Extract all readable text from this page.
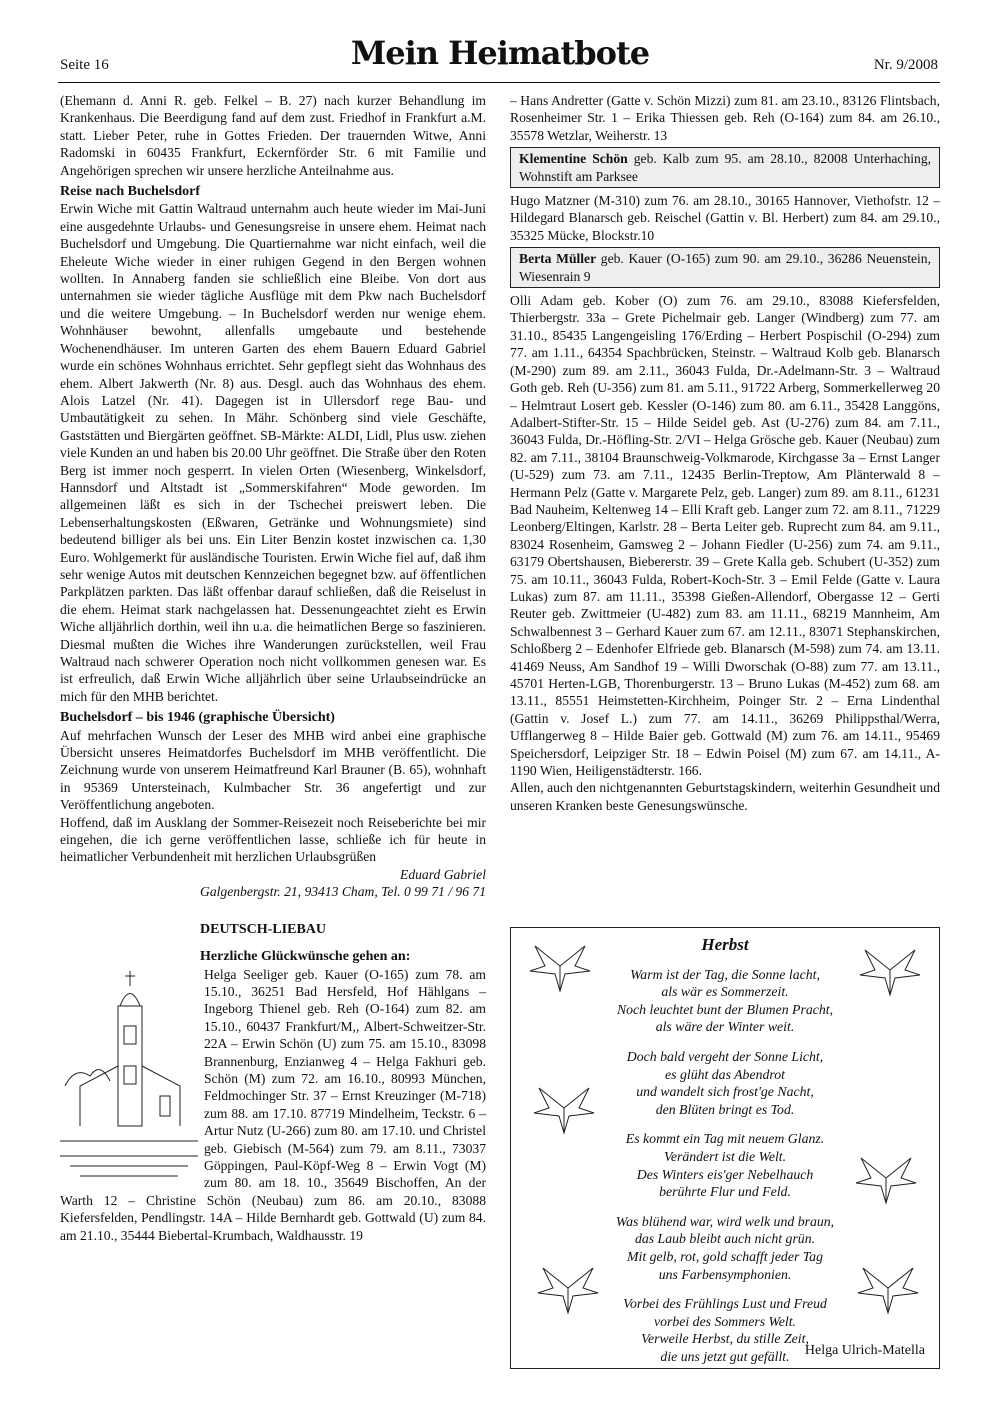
Seite 16	Mein Heimatbote	Nr. 9/2008

(Ehemann d. Anni R. geb. Felkel – B. 27) nach kurzer Behandlung im Krankenhaus. Die Beerdigung fand auf dem zust. Friedhof in Frankfurt a.M. statt. Lieber Peter, ruhe in Gottes Frieden. Der trauernden Witwe, Anni Radomski in 60435 Frankfurt, Eckernförder Str. 6 mit Familie und Angehörigen sprechen wir unsere herzliche Anteilnahme aus.

Reise nach Buchelsdorf

Erwin Wiche mit Gattin Waltraud unternahm auch heute wieder im Mai-Juni eine ausgedehnte Urlaubs- und Genesungsreise in unsere ehem. Heimat nach Buchelsdorf und Umgebung. Die Quartiernahme war nicht einfach, weil die Eheleute Wiche wieder in einer ruhigen Gegend in den Bergen wohnen wollten. In Annaberg fanden sie schließlich eine Bleibe. Von dort aus unternahmen sie wieder tägliche Ausflüge mit dem Pkw nach Buchelsdorf und die weitere Umgebung. – In Buchelsdorf werden nur wenige ehem. Wohnhäuser bewohnt, allenfalls umgebaute und bestehende Wochenendhäuser. Im unteren Garten des ehem Bauern Eduard Gabriel wurde ein schönes Wohnhaus errichtet. Sehr gepflegt sieht das Wohnhaus des ehem. Albert Jakwerth (Nr. 8) aus. Desgl. auch das Wohnhaus des ehem. Alois Latzel (Nr. 41). Dagegen ist in Ullersdorf rege Bau- und Umbautätigkeit zu sehen. In Mähr. Schönberg sind viele Geschäfte, Gaststätten und Biergärten geöffnet. SB-Märkte: ALDI, Lidl, Plus usw. ziehen viele Kunden an und haben bis 20.00 Uhr geöffnet. Die Straße über den Roten Berg ist immer noch gesperrt. In vielen Orten (Wiesenberg, Winkelsdorf, Hannsdorf und Altstadt ist „Sommerskifahren“ Mode geworden. Im allgemeinen läßt es sich in der Tschechei preiswert leben. Die Lebenserhaltungskosten (Eßwaren, Getränke und Wohnungsmiete) sind bedeutend billiger als bei uns. Ein Liter Benzin kostet inzwischen ca. 1,30 Euro. Wohlgemerkt für ausländische Touristen. Erwin Wiche fiel auf, daß ihm sehr wenige Autos mit deutschen Kennzeichen begegnet bzw. auf öffentlichen Parkplätzen parkten. Das läßt offenbar darauf schließen, daß die Reiselust in die ehem. Heimat stark nachgelassen hat. Dessenungeachtet zieht es Erwin Wiche alljährlich dorthin, weil ihn u.a. die heimatlichen Berge so faszinieren. Diesmal mußten die Wiches ihre Wanderungen zurückstellen, weil Frau Waltraud nach schwerer Operation noch nicht vollkommen genesen war. Es ist erfreulich, daß Erwin Wiche alljährlich über seine Urlaubseindrücke an mich für den MHB berichtet.

Buchelsdorf – bis 1946 (graphische Übersicht)

Auf mehrfachen Wunsch der Leser des MHB wird anbei eine graphische Übersicht unseres Heimatdorfes Buchelsdorf im MHB veröffentlicht. Die Zeichnung wurde von unserem Heimatfreund Karl Brauner (B. 65), wohnhaft in 95369 Untersteinach, Kulmbacher Str. 36 angefertigt und zur Veröffentlichung angeboten.

Hoffend, daß im Ausklang der Sommer-Reisezeit noch Reiseberichte bei mir eingehen, die ich gerne veröffentlichen lasse, schließe ich für heute in heimatlicher Verbundenheit mit herzlichen Urlaubsgrüßen

Eduard Gabriel

Galgenbergstr. 21, 93413 Cham, Tel. 0 99 71 / 96 71

DEUTSCH-LIEBAU
Herzliche Glückwünsche gehen an:

Helga Seeliger geb. Kauer (O-165) zum 78. am 15.10., 36251 Bad Hersfeld, Hof Hählgans – Ingeborg Thienel geb. Reh (O-164) zum 82. am 15.10., 60437 Frankfurt/M,, Albert-Schweitzer-Str. 22A – Erwin Schön (U) zum 75. am 15.10., 83098 Brannenburg, Enzianweg 4 – Helga Fakhuri geb. Schön (M) zum 72. am 16.10., 80993 München, Feldmochinger Str. 37 – Ernst Kreuzinger (M-718) zum 88. am 17.10. 87719 Mindelheim, Teckstr. 6 – Artur Nutz (U-266) zum 80. am 17.10. und Christel geb. Giebisch (M-564) zum 79. am 8.11., 73037 Göppingen, Paul-Köpf-Weg 8 – Erwin Vogt (M) zum 80. am 18. 10., 35649 Bischoffen, An der Warth 12 – Christine Schön (Neubau) zum 86. am 20.10., 83088 Kiefersfelden, Pendlingstr. 14A – Hilde Bernhardt geb. Gottwald (U) zum 84. am 21.10., 35444 Biebertal-Krumbach, Waldhausstr. 19

– Hans Andretter (Gatte v. Schön Mizzi) zum 81. am 23.10., 83126 Flintsbach, Rosenheimer Str. 1 – Erika Thiessen geb. Reh (O-164) zum 84. am 26.10., 35578 Wetzlar, Weiherstr. 13

Klementine Schön geb. Kalb zum 95. am 28.10., 82008 Unterhaching, Wohnstift am Parksee

Hugo Matzner (M-310) zum 76. am 28.10., 30165 Hannover, Viethofstr. 12 – Hildegard Blanarsch geb. Reischel (Gattin v. Bl. Herbert) zum 84. am 29.10., 35325 Mücke, Blockstr.10

Berta Müller geb. Kauer (O-165) zum 90. am 29.10., 36286 Neuenstein, Wiesenrain 9

Olli Adam geb. Kober (O) zum 76. am 29.10., 83088 Kiefersfelden, Thierbergstr. 33a – Grete Pichelmair geb. Langer (Windberg) zum 77. am 31.10., 85435 Langengeisling 176/Erding – Herbert Pospischil (O-294) zum 77. am 1.11., 64354 Spachbrücken, Steinstr. – Waltraud Kolb geb. Blanarsch (M-290) zum 89. am 2.11., 36043 Fulda, Dr.-Adelmann-Str. 3 – Waltraud Goth geb. Reh (U-356) zum 81. am 5.11., 91722 Arberg, Sommerkellerweg 20 – Helmtraut Losert geb. Kessler (O-146) zum 80. am 6.11., 35428 Langgöns, Adalbert-Stifter-Str. 15 – Hilde Seidel geb. Ast (U-276) zum 84. am 7.11., 36043 Fulda, Dr.-Höfling-Str. 2/VI – Helga Gröschе geb. Kauer (Neubau) zum 82. am 7.11., 38104 Braunschweig-Volkmarode, Kirchgasse 3a – Ernst Langer (U-529) zum 73. am 7.11., 12435 Berlin-Treptow, Am Plänterwald 8 – Hermann Pelz (Gatte v. Margarete Pelz, geb. Langer) zum 89. am 8.11., 61231 Bad Nauheim, Keltenweg 14 – Elli Kraft geb. Langer zum 72. am 8.11., 71229 Leonberg/Eltingen, Karlstr. 28 – Berta Leiter geb. Ruprecht zum 84. am 9.11., 83024 Rosenheim, Gamsweg 2 – Johann Fiedler (U-256) zum 74. am 9.11., 63179 Obertshausen, Biebererstr. 39 – Grete Kalla geb. Schubert (U-352) zum 75. am 10.11., 36043 Fulda, Robert-Koch-Str. 3 – Emil Felde (Gatte v. Laura Lukas) zum 87. am 11.11., 35398 Gießen-Allendorf, Obergasse 12 – Gerti Reuter geb. Zwittmeier (U-482) zum 83. am 11.11., 68219 Mannheim, Am Schwalbennest 3 – Gerhard Kauer zum 67. am 12.11., 83071 Stephanskirchen, Schloßberg 2 – Edenhofer Elfriede geb. Blanarsch (M-598) zum 74. am 13.11. 41469 Neuss, Am Sandhof 19 – Willi Dworschak (O-88) zum 77. am 13.11., 45701 Herten-LGB, Thorenburgerstr. 13 – Bruno Lukas (M-452) zum 68. am 13.11., 85551 Heimstetten-Kirchheim, Poinger Str. 2 – Erna Lindenthal (Gattin v. Josef L.) zum 77. am 14.11., 36269 Philippsthal/Werra, Ufflangerweg 8 – Hilde Baier geb. Gottwald (M) zum 76. am 14.11., 95469 Speichersdorf, Leipziger Str. 18 – Edwin Poisel (M) zum 67. am 14.11., A-1190 Wien, Heiligenstädterstr. 166.

Allen, auch den nichtgenannten Geburtstagskindern, weiterhin Gesundheit und unseren Kranken beste Genesungswünsche.

Herbst
Warm ist der Tag, die Sonne lacht,
als wär es Sommerzeit.
Noch leuchtet bunt der Blumen Pracht,
als wäre der Winter weit.
Doch bald vergeht der Sonne Licht,
es glüht das Abendrot
und wandelt sich frost'ge Nacht,
den Blüten bringt es Tod.
Es kommt ein Tag mit neuem Glanz.
Verändert ist die Welt.
Des Winters eis'ger Nebelhauch
berührte Flur und Feld.
Was blühend war, wird welk und braun,
das Laub bleibt auch nicht grün.
Mit gelb, rot, gold schafft jeder Tag
uns Farbensymphonien.
Vorbei des Frühlings Lust und Freud
vorbei des Sommers Welt.
Verweile Herbst, du stille Zeit,
die uns jetzt gut gefällt.	Helga Ulrich-Matella
